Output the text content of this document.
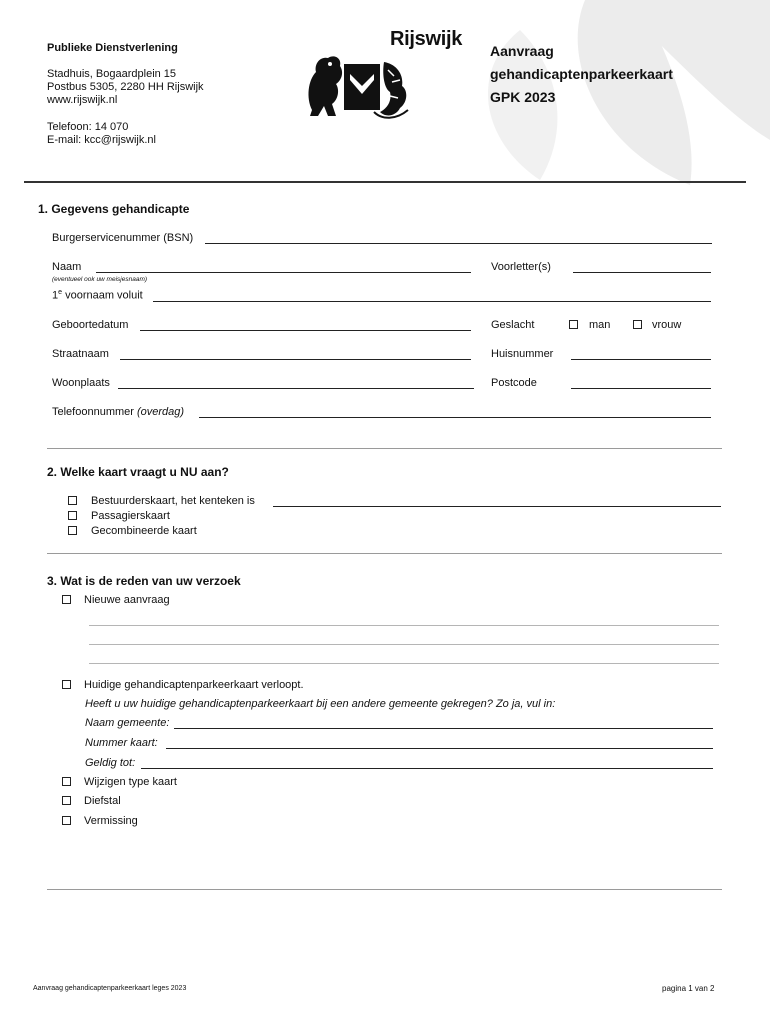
Publieke Dienstverlening
Stadhuis, Bogaardplein 15
Postbus 5305, 2280 HH Rijswijk
www.rijswijk.nl
Telefoon: 14 070
E-mail: kcc@rijswijk.nl
Rijswijk
Aanvraag
gehandicaptenparkeerkaart
GPK 2023
1. Gegevens gehandicapte
Burgerservicenummer (BSN)
Naam
(eventueel ook uw meisjesnaam)
Voorletter(s)
1e voornaam voluit
Geboortedatum	Geslacht	man	vrouw
Straatnaam	Huisnummer
Woonplaats	Postcode
Telefoonnummer (overdag)
2. Welke kaart vraagt u NU aan?
Bestuurderskaart, het kenteken is
Passagierskaart
Gecombineerde kaart
3. Wat is de reden van uw verzoek
Nieuwe aanvraag
Huidige gehandicaptenparkeerkaart verloopt.
Heeft u uw huidige gehandicaptenparkeerkaart bij een andere gemeente gekregen? Zo ja, vul in:
Naam gemeente:
Nummer kaart:
Geldig tot:
Wijzigen type kaart
Diefstal
Vermissing
Aanvraag gehandicaptenparkeerkaart leges 2023	pagina 1 van 2
